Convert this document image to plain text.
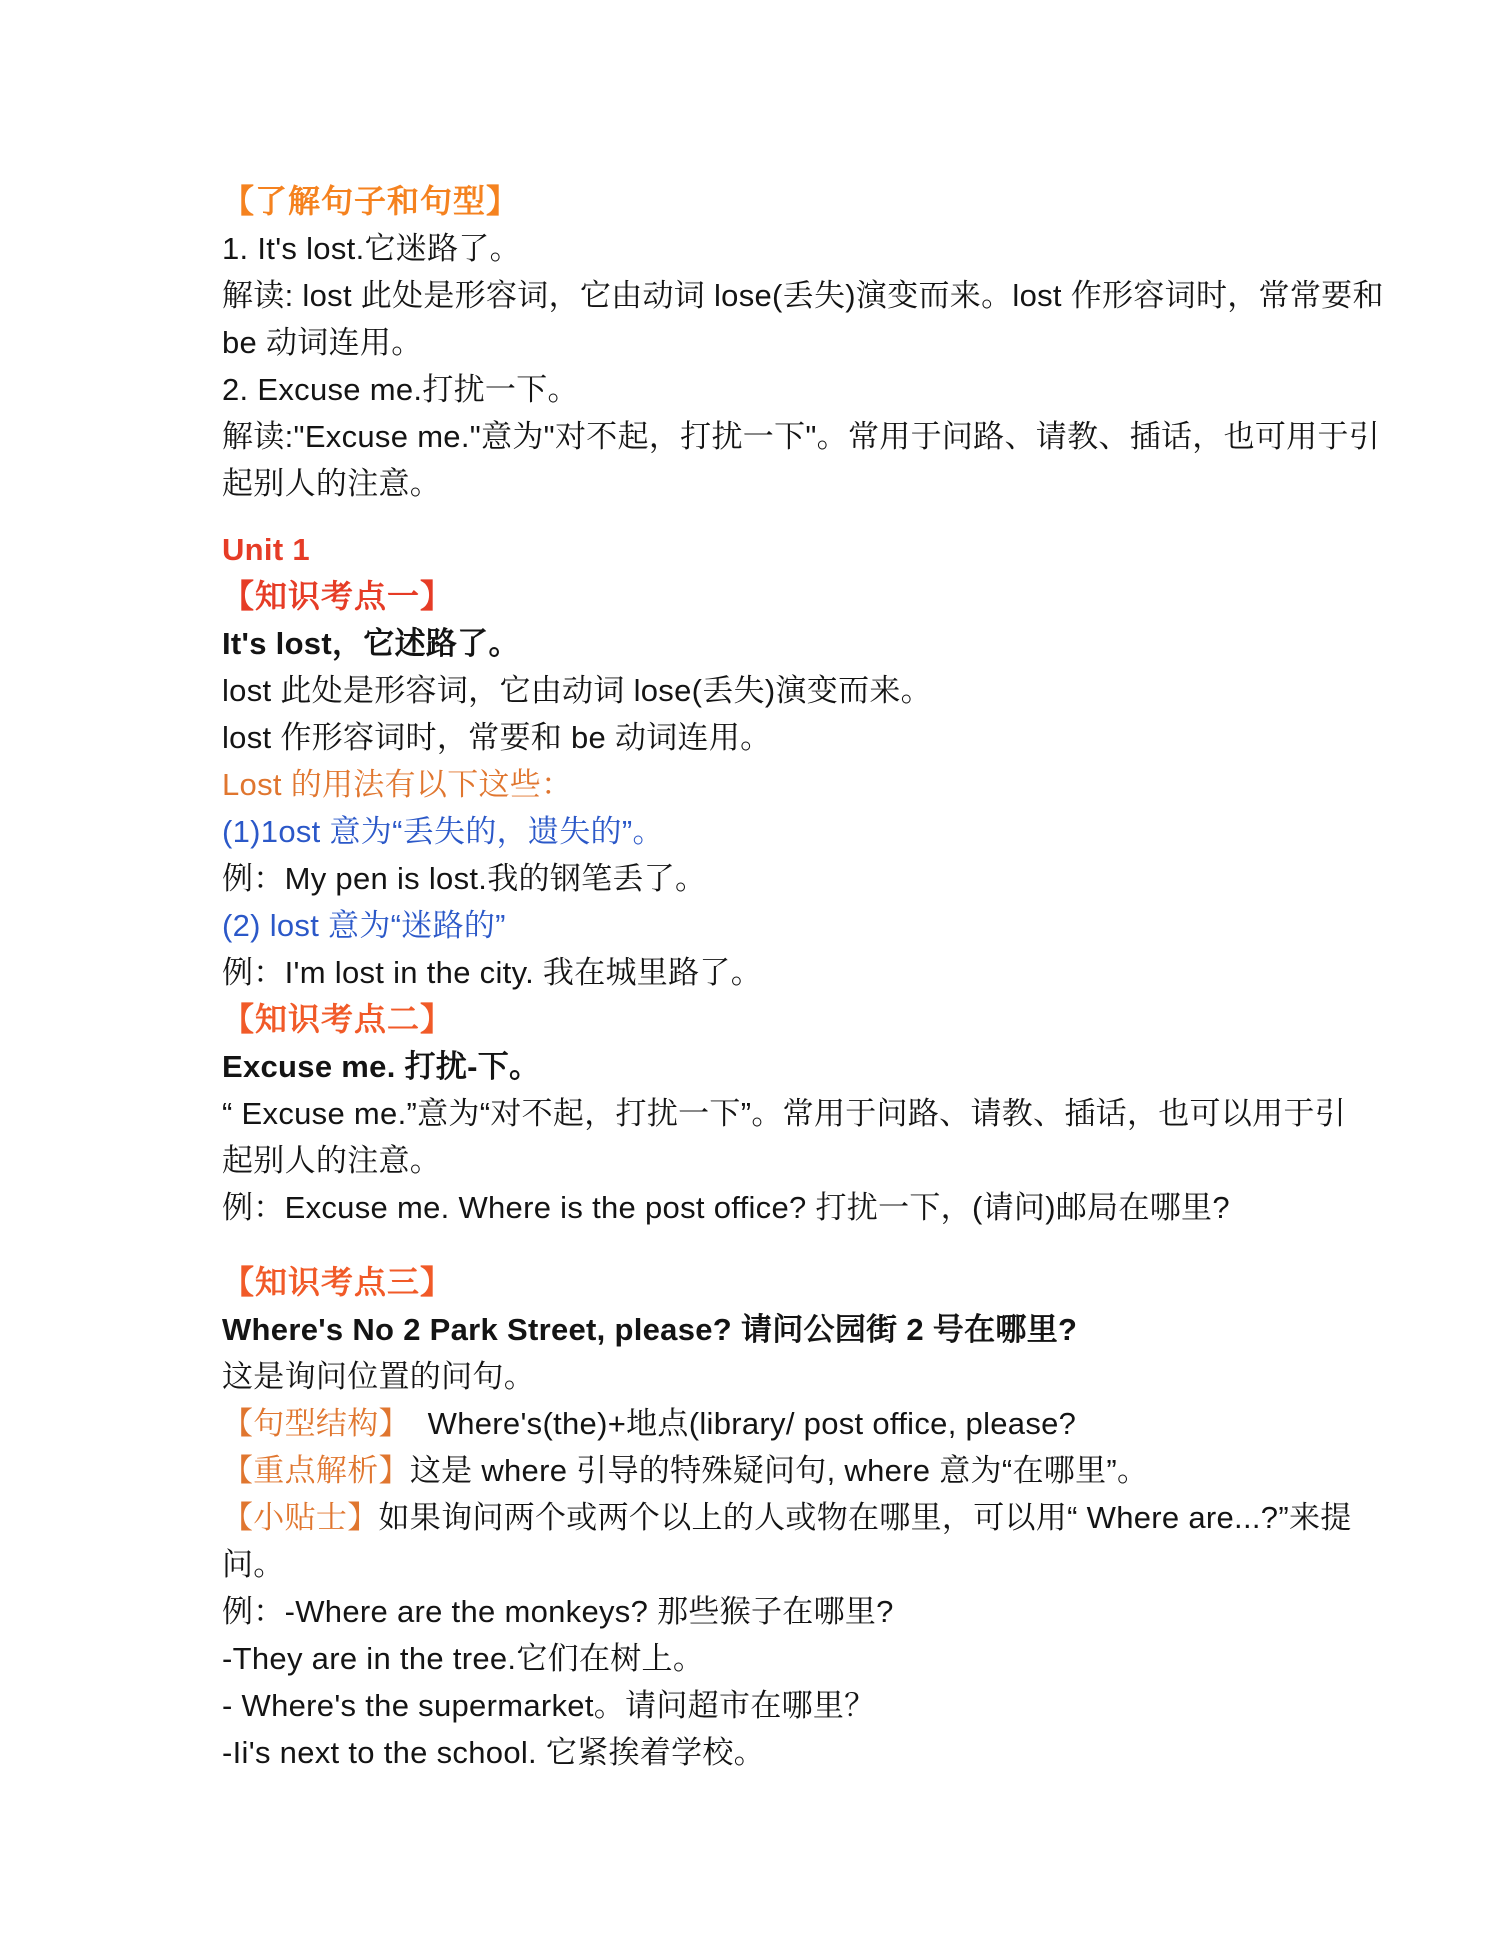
【了解句子和句型】
1. It's lost.它迷路了。
解读: lost 此处是形容词，它由动词 lose(丢失)演变而来。lost 作形容词时，常常要和
be 动词连用。
2. Excuse me.打扰一下。
解读:"Excuse me."意为"对不起，打扰一下"。常用于问路、请教、插话，也可用于引
起别人的注意。
Unit 1
【知识考点一】
It's lost，它述路了。
lost 此处是形容词，它由动词 lose(丢失)演变而来。
lost 作形容词时，常要和 be 动词连用。
Lost 的用法有以下这些：
(1)1ost 意为“丢失的，遗失的”。
例：My pen is lost.我的钢笔丢了。
(2) lost 意为“迷路的”
例：I'm lost in the city. 我在城里路了。
【知识考点二】
Excuse me. 打扰-下。
“ Excuse me.”意为“对不起，打扰一下”。常用于问路、请教、插话，也可以用于引
起别人的注意。
例：Excuse me. Where is the post office? 打扰一下，(请问)邮局在哪里?
【知识考点三】
Where's No 2 Park Street, please? 请问公园街 2 号在哪里?
这是询问位置的问句。
【句型结构】  Where's(the)+地点(library/ post office, please?
【重点解析】这是 where 引导的特殊疑问句, where 意为“在哪里”。
【小贴士】如果询问两个或两个以上的人或物在哪里，可以用“ Where are...?”来提
问。
例：-Where are the monkeys? 那些猴子在哪里?
-They are in the tree.它们在树上。
- Where's the supermarket。请问超市在哪里？
-Ii's next to the school. 它紧挨着学校。
